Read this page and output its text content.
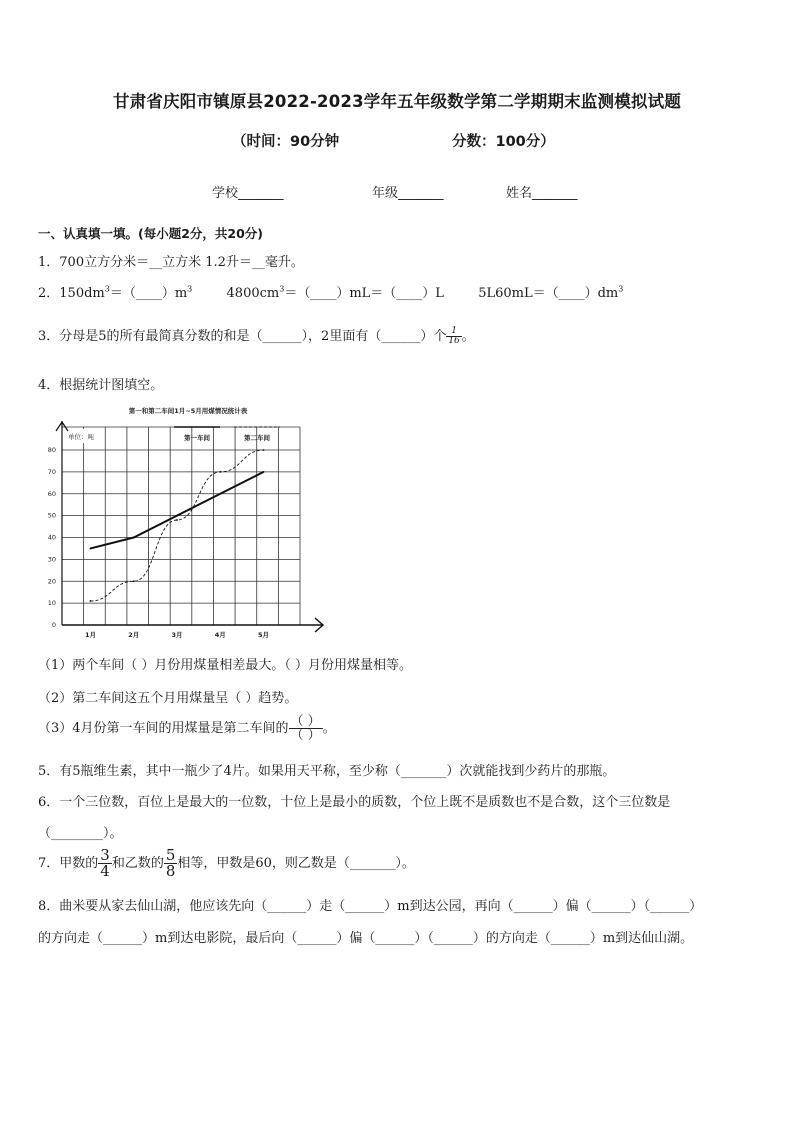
甘肃省庆阳市镇原县2022-2023学年五年级数学第二学期期末监测模拟试题
（时间：90分钟	分数：100分）
学校_______	年级_______	姓名_______
一、认真填一填。(每小题2分，共20分)
1．700立方分米＝__立方米 1.2升＝__毫升。
2．$150dm^3=(\_\_\_\_)m^3$	$4800cm^3=(\_\_\_\_)mL=(\_\_\_\_)L$	$5L60mL=(\_\_\_\_)dm^3$
3．分母是5的所有最简真分数的和是（______），2里面有（______）个 $\frac{1}{16}$ 。
4．根据统计图填空。
第一和第二车间1月~5月用煤情况统计表
单位：吨
0
10
20
30
40
50
60
70
80
1月	2月	3月	4月	5月
第一车间	第二车间
（1）两个车间（ ）月份用煤量相差最大。（ ）月份用煤量相等。
（2）第二车间这五个月用煤量呈（ ）趋势。
（3）4月份第一车间的用煤量是第二车间的 $\frac{( )}{( )}$ 。
5．有5瓶维生素，其中一瓶少了4片。如果用天平称，至少称（_______）次就能找到少药片的那瓶。
6．一个三位数，百位上是最大的一位数，十位上是最小的质数，个位上既不是质数也不是合数，这个三位数是
（________）。
7．甲数的 $\frac{3}{4}$ 和乙数的 $\frac{5}{8}$ 相等，甲数是60，则乙数是（_______）。
8．曲米要从家去仙山湖，他应该先向（______）走（______）m到达公园，再向（______）偏（______）（______）
的方向走（______）m到达电影院，最后向（______）偏（______）（______）的方向走（______）m到达仙山湖。
